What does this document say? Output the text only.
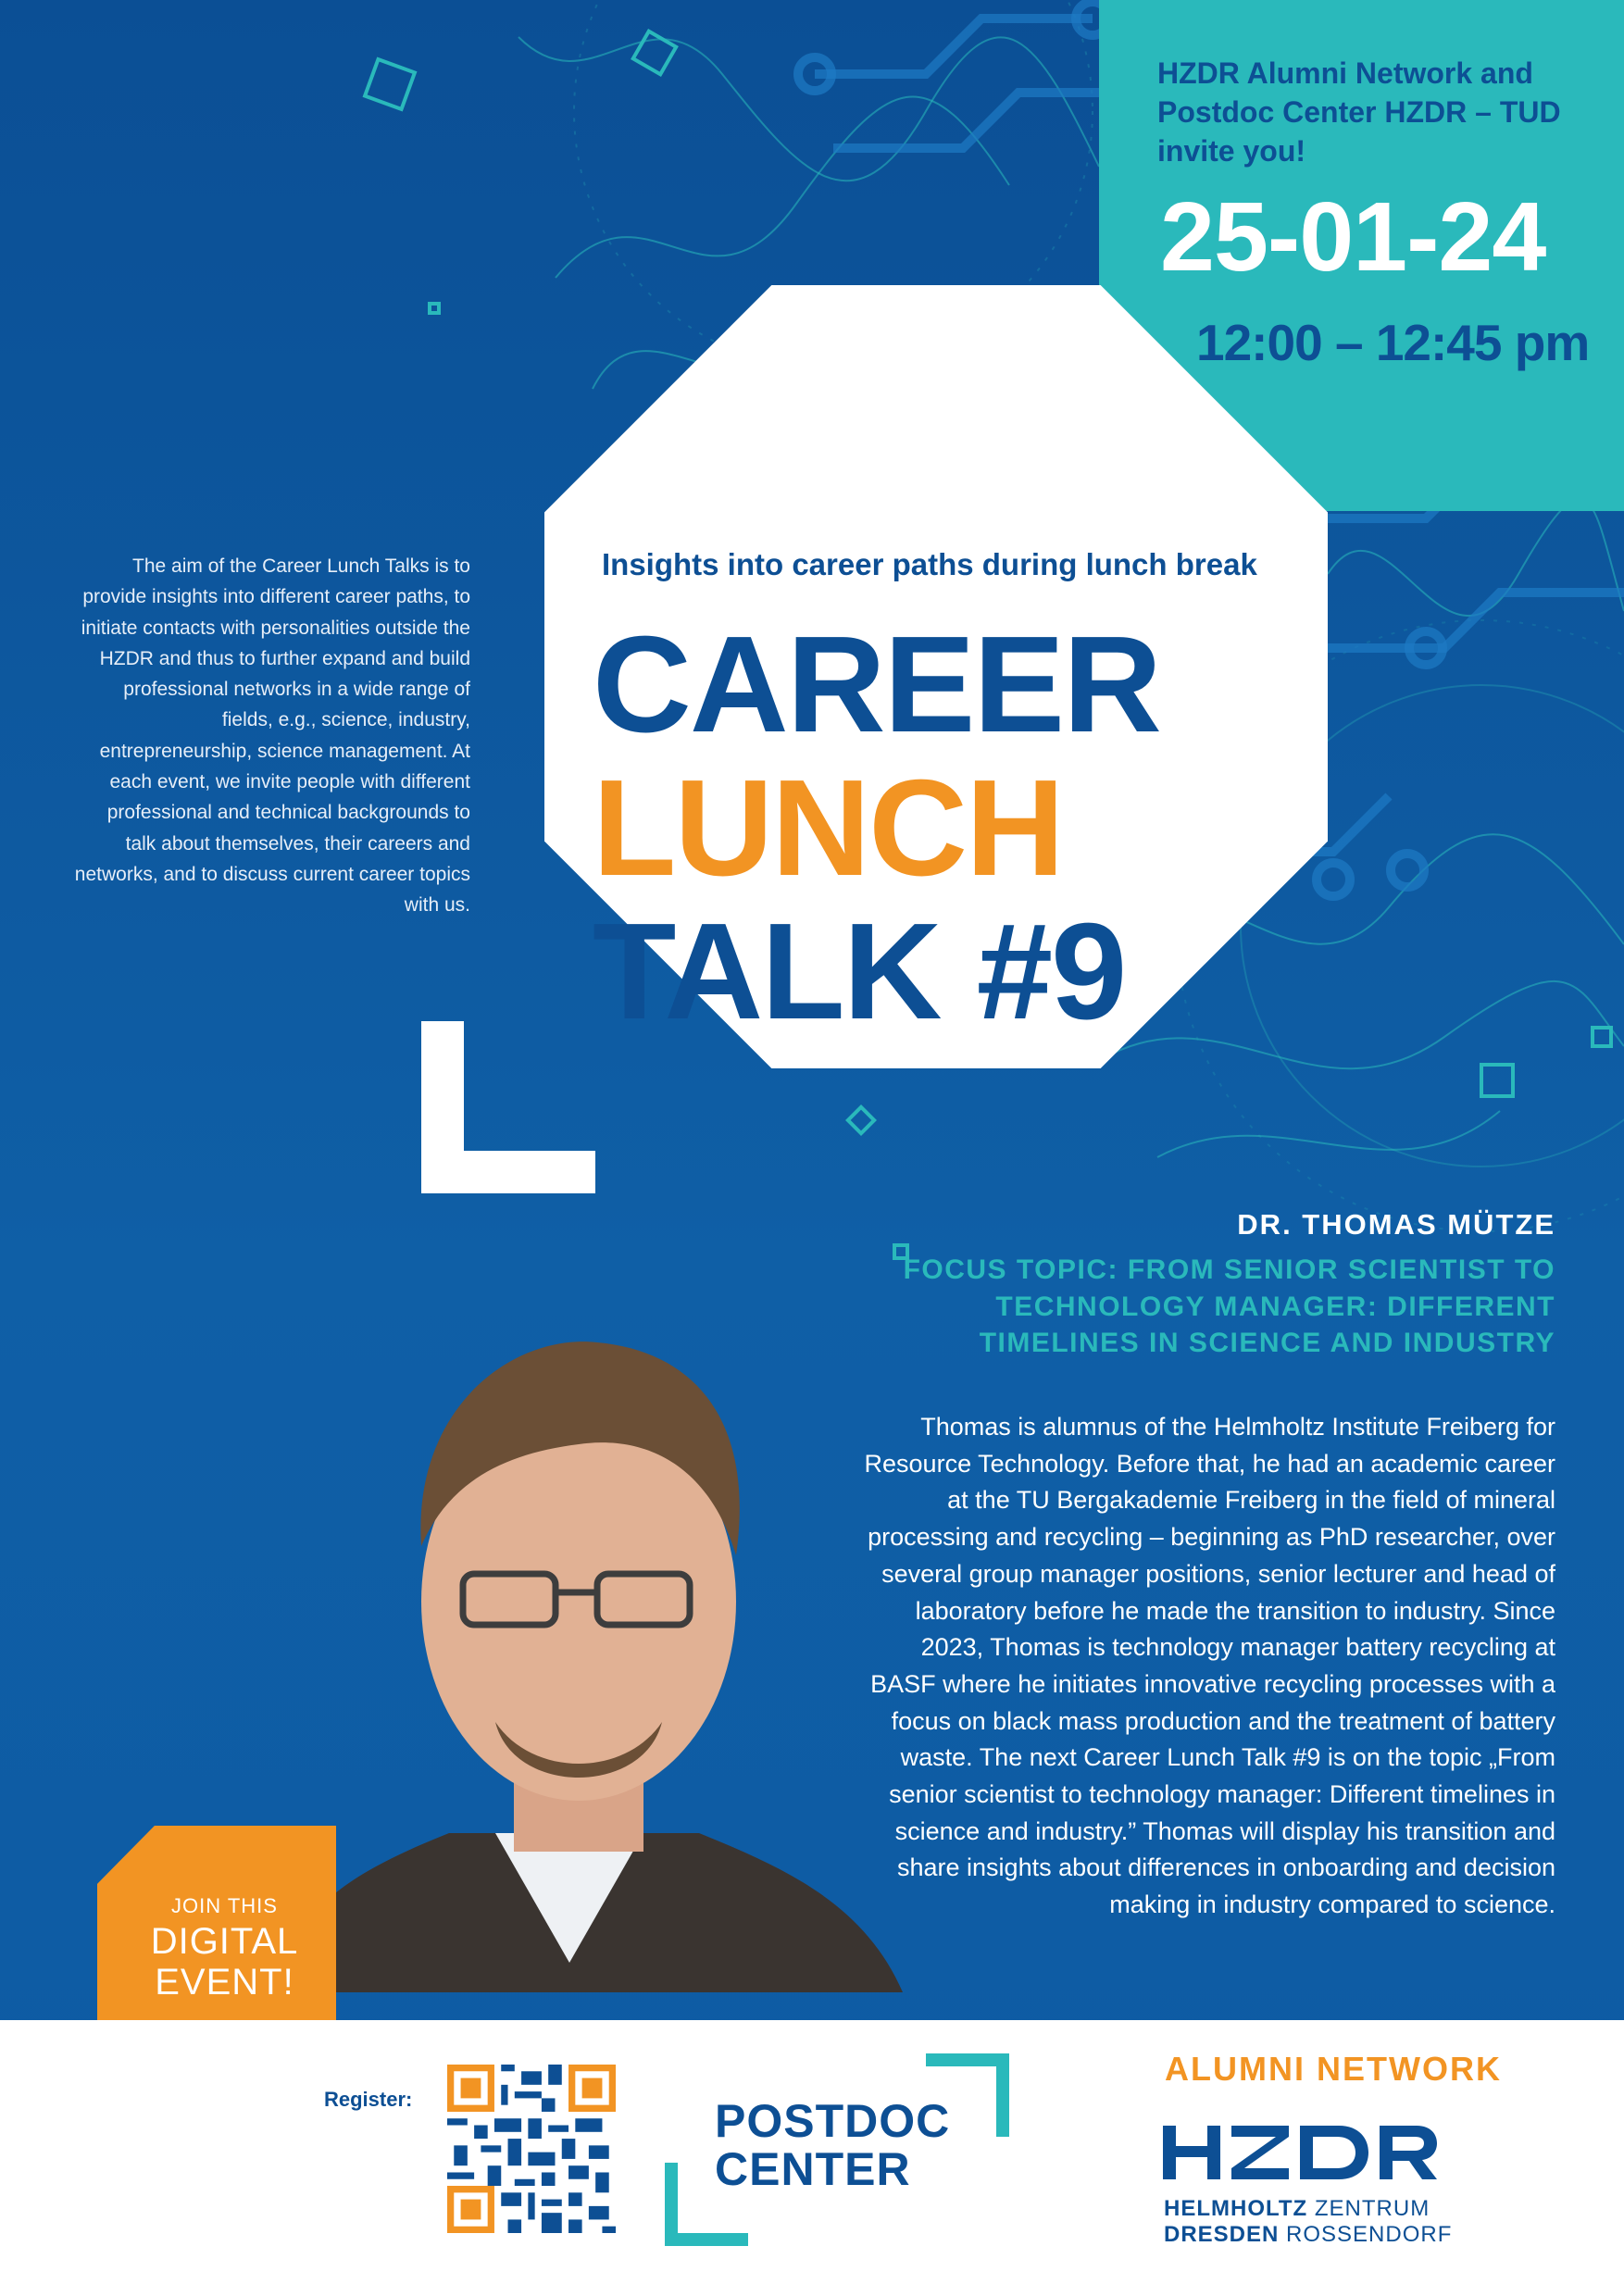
HZDR Alumni Network and Postdoc Center HZDR – TUD invite you!
25-01-24
12:00 – 12:45 pm
Insights into career paths during lunch break
CAREER
LUNCH
TALK #9
The aim of the Career Lunch Talks is to provide insights into different career paths, to initiate contacts with personalities outside the HZDR and thus to further expand and build professional networks in a wide range of fields, e.g., science, industry, entrepreneurship, science management. At each event, we invite people with different professional and technical backgrounds to talk about themselves, their careers and networks, and to discuss current career topics with us.
DR. THOMAS MÜTZE
FOCUS TOPIC: FROM SENIOR SCIENTIST TO TECHNOLOGY MANAGER: DIFFERENT TIMELINES IN SCIENCE AND INDUSTRY
Thomas is alumnus of the Helmholtz Institute Freiberg for Resource Technology. Before that, he had an academic career at the TU Bergakademie Freiberg in the field of mineral processing and recycling – beginning as PhD researcher, over several group manager positions, senior lecturer and head of laboratory before he made the transition to industry. Since 2023, Thomas is technology manager battery recycling at BASF where he initiates innovative recycling processes with a focus on black mass production and the treatment of battery waste. The next Career Lunch Talk #9 is on the topic „From senior scientist to technology manager: Different timelines in science and industry.” Thomas will display his transition and share insights about differences in onboarding and decision making in industry compared to science.
JOIN THIS
DIGITAL EVENT!
Register:	POSTDOC
CENTER
ALUMNI NETWORK
HELMHOLTZ ZENTRUM
DRESDEN ROSSENDORF
